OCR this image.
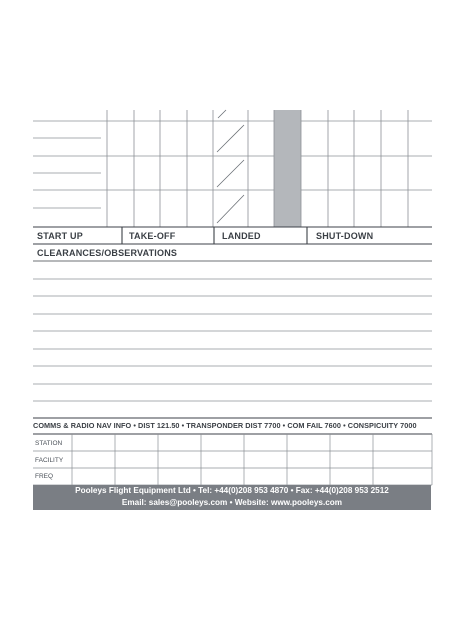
START UP	TAKE-OFF	LANDED	SHUT-DOWN
CLEARANCES/OBSERVATIONS
COMMS & RADIO NAV INFO • DIST 121.50 • TRANSPONDER DIST 7700 • COM FAIL 7600 • CONSPICUITY 7000
STATION
FACILITY
FREQ
Pooleys Flight Equipment Ltd • Tel: +44(0)208 953 4870 • Fax: +44(0)208 953 2512
Email: sales@pooleys.com • Website: www.pooleys.com
